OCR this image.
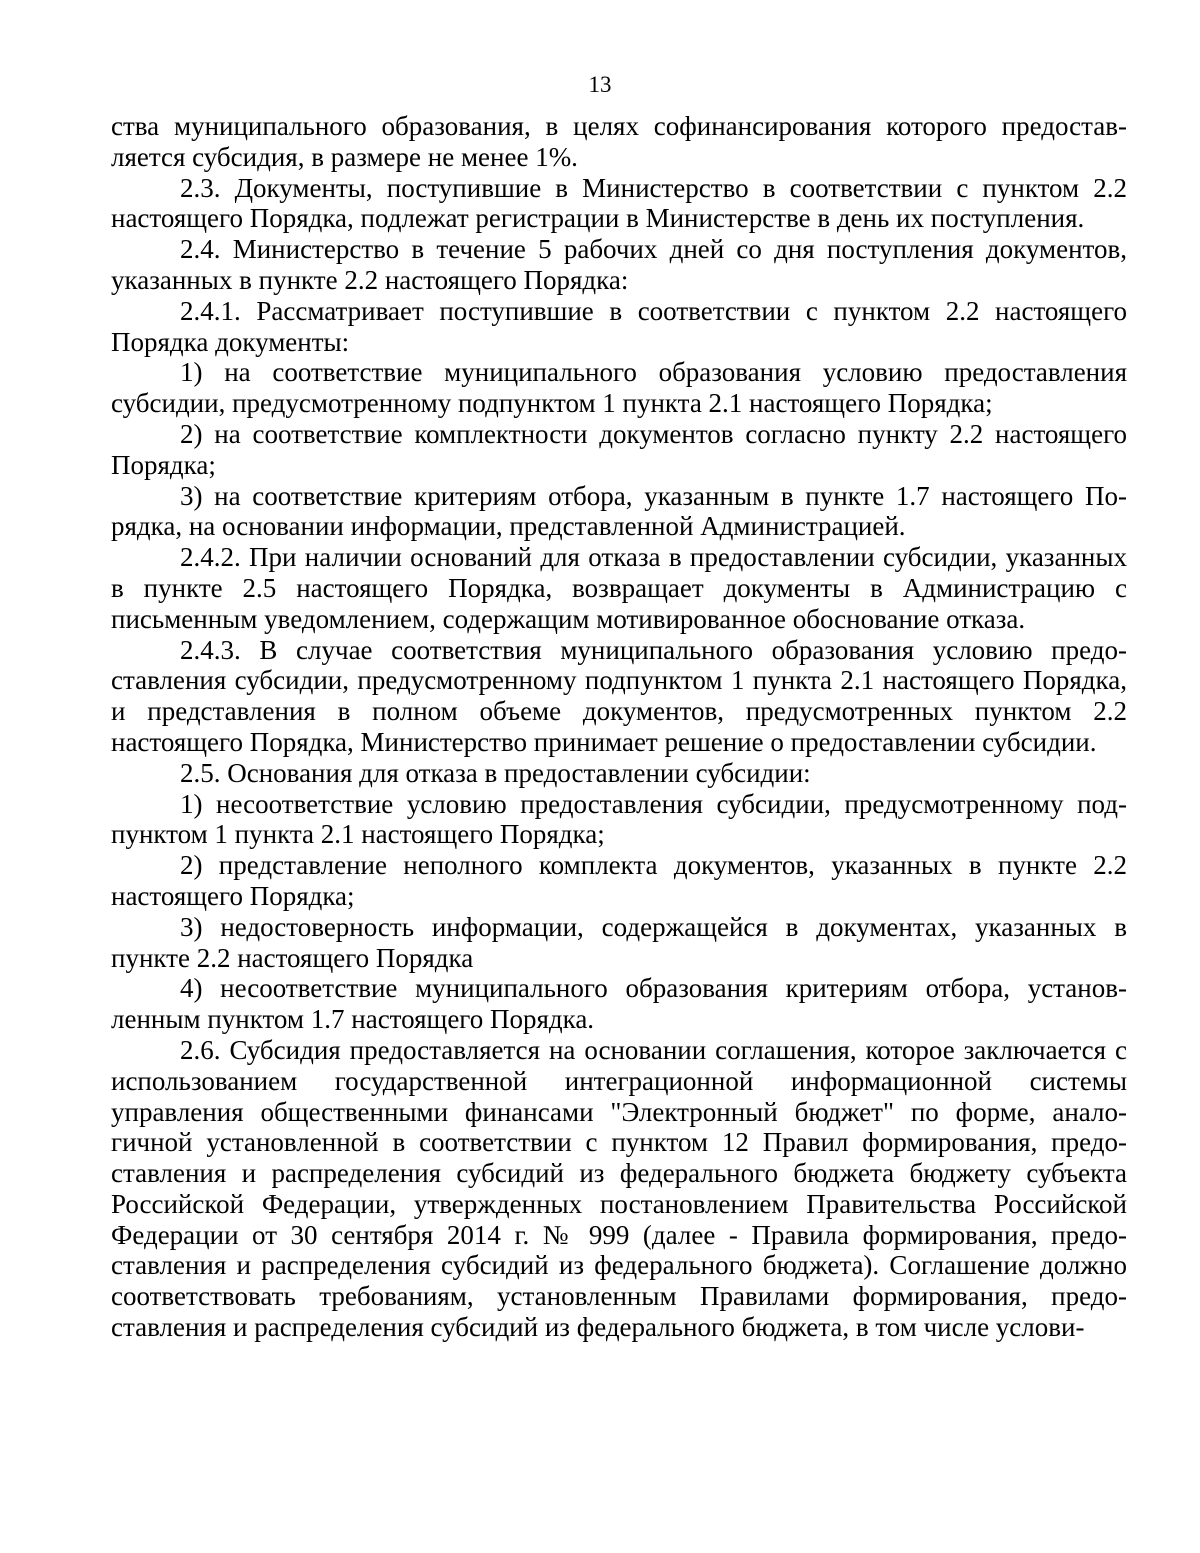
13

ства муниципального образования, в целях софинансирования которого предоставляется субсидия, в размере не менее 1%.

2.3. Документы, поступившие в Министерство в соответствии с пунктом 2.2 настоящего Порядка, подлежат регистрации в Министерстве в день их поступления.

2.4. Министерство в течение 5 рабочих дней со дня поступления документов, указанных в пункте 2.2 настоящего Порядка:

2.4.1. Рассматривает поступившие в соответствии с пунктом 2.2 настоящего Порядка документы:

1) на соответствие муниципального образования условию предоставления субсидии, предусмотренному подпунктом 1 пункта 2.1 настоящего Порядка;

2) на соответствие комплектности документов согласно пункту 2.2 настоящего Порядка;

3) на соответствие критериям отбора, указанным в пункте 1.7 настоящего Порядка, на основании информации, представленной Администрацией.

2.4.2. При наличии оснований для отказа в предоставлении субсидии, указанных в пункте 2.5 настоящего Порядка, возвращает документы в Администрацию с письменным уведомлением, содержащим мотивированное обоснование отказа.

2.4.3. В случае соответствия муниципального образования условию предоставления субсидии, предусмотренному подпунктом 1 пункта 2.1 настоящего Порядка, и представления в полном объеме документов, предусмотренных пунктом 2.2 настоящего Порядка, Министерство принимает решение о предоставлении субсидии.

2.5. Основания для отказа в предоставлении субсидии:

1) несоответствие условию предоставления субсидии, предусмотренному подпунктом 1 пункта 2.1 настоящего Порядка;

2) представление неполного комплекта документов, указанных в пункте 2.2 настоящего Порядка;

3) недостоверность информации, содержащейся в документах, указанных в пункте 2.2 настоящего Порядка

4) несоответствие муниципального образования критериям отбора, установленным пунктом 1.7 настоящего Порядка.

2.6. Субсидия предоставляется на основании соглашения, которое заключается с использованием государственной интеграционной информационной системы управления общественными финансами "Электронный бюджет" по форме, аналогичной установленной в соответствии с пунктом 12 Правил формирования, предоставления и распределения субсидий из федерального бюджета бюджету субъекта Российской Федерации, утвержденных постановлением Правительства Российской Федерации от 30 сентября 2014 г. № 999 (далее - Правила формирования, предоставления и распределения субсидий из федерального бюджета). Соглашение должно соответствовать требованиям, установленным Правилами формирования, предоставления и распределения субсидий из федерального бюджета, в том числе услови-
